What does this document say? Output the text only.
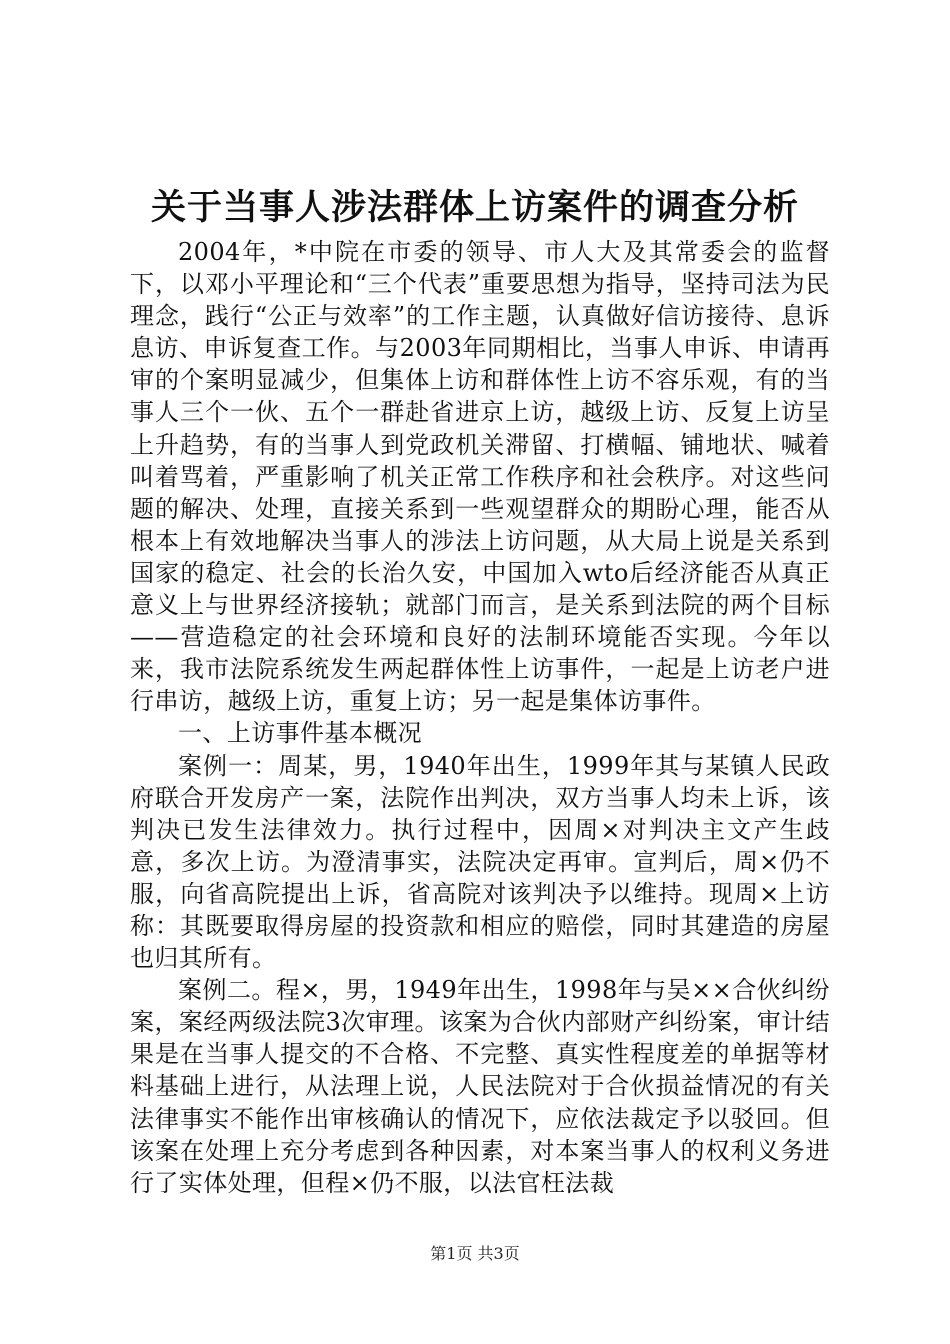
关于当事人涉法群体上访案件的调查分析

2004年，*中院在市委的领导、市人大及其常委会的监督下，以邓小平理论和“三个代表”重要思想为指导，坚持司法为民理念，践行“公正与效率”的工作主题，认真做好信访接待、息诉息访、申诉复查工作。与2003年同期相比，当事人申诉、申请再审的个案明显减少，但集体上访和群体性上访不容乐观，有的当事人三个一伙、五个一群赴省进京上访，越级上访、反复上访呈上升趋势，有的当事人到党政机关滞留、打横幅、铺地状、喊着叫着骂着，严重影响了机关正常工作秩序和社会秩序。对这些问题的解决、处理，直接关系到一些观望群众的期盼心理，能否从根本上有效地解决当事人的涉法上访问题，从大局上说是关系到国家的稳定、社会的长治久安，中国加入wto后经济能否从真正意义上与世界经济接轨；就部门而言，是关系到法院的两个目标——营造稳定的社会环境和良好的法制环境能否实现。今年以来，我市法院系统发生两起群体性上访事件，一起是上访老户进行串访，越级上访，重复上访；另一起是集体访事件。

一、上访事件基本概况

案例一：周某，男，1940年出生，1999年其与某镇人民政府联合开发房产一案，法院作出判决，双方当事人均未上诉，该判决已发生法律效力。执行过程中，因周×对判决主文产生歧意，多次上访。为澄清事实，法院决定再审。宣判后，周×仍不服，向省高院提出上诉，省高院对该判决予以维持。现周×上访称：其既要取得房屋的投资款和相应的赔偿，同时其建造的房屋也归其所有。

案例二。程×，男，1949年出生，1998年与吴××合伙纠纷案，案经两级法院3次审理。该案为合伙内部财产纠纷案，审计结果是在当事人提交的不合格、不完整、真实性程度差的单据等材料基础上进行，从法理上说，人民法院对于合伙损益情况的有关法律事实不能作出审核确认的情况下，应依法裁定予以驳回。但该案在处理上充分考虑到各种因素，对本案当事人的权利义务进行了实体处理，但程×仍不服，以法官枉法裁

第1页 共3页
